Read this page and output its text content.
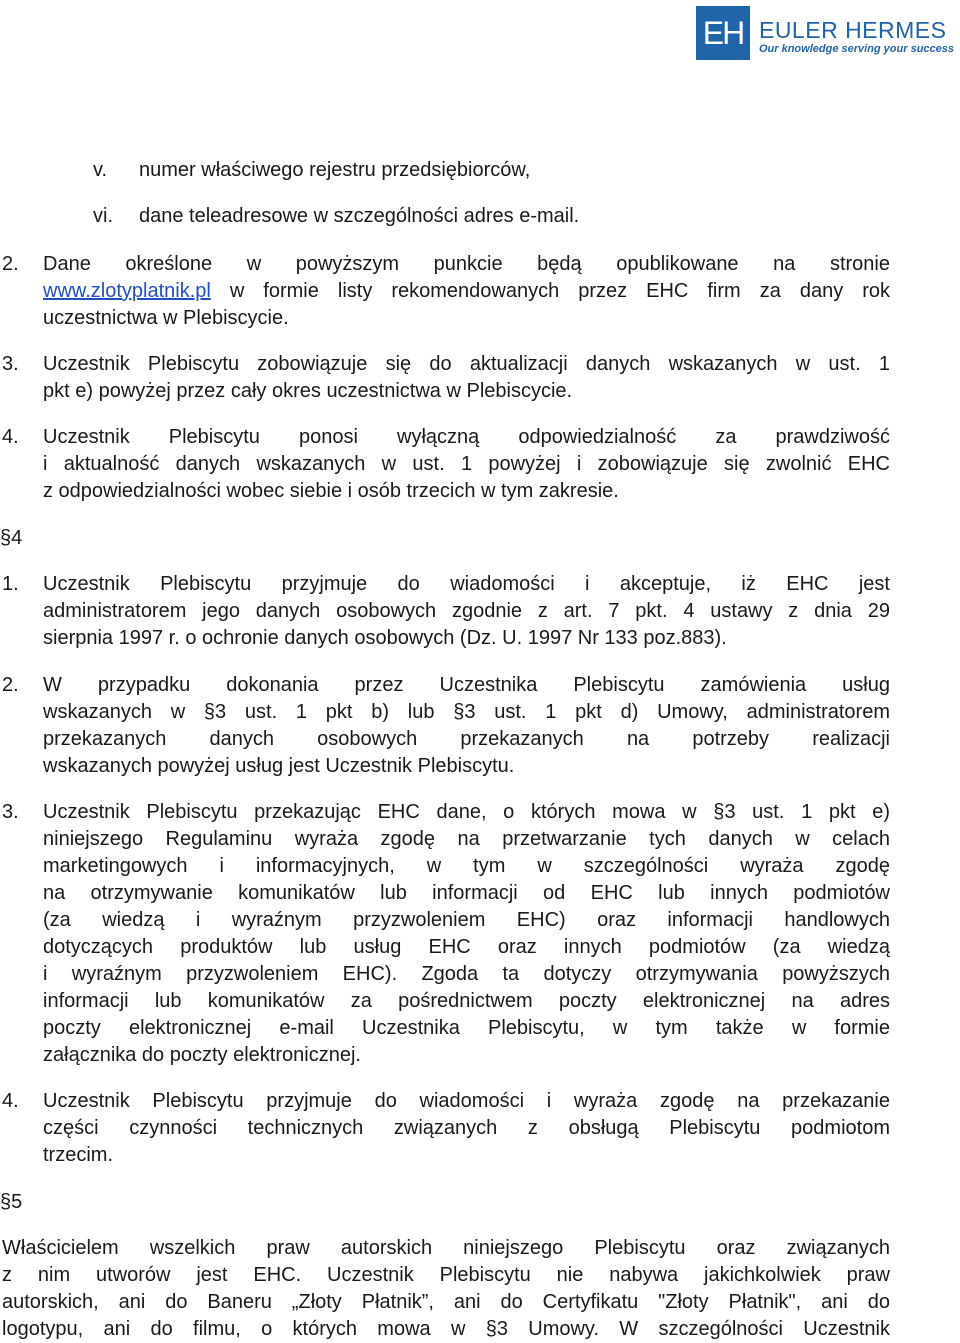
EH EULER HERMES
Our knowledge serving your success
v.	numer właściwego rejestru przedsiębiorców,
vi.	dane teleadresowe w szczególności adres e-mail.
2. Dane określone w powyższym punkcie będą opublikowane na stronie
www.zlotyplatnik.pl w formie listy rekomendowanych przez EHC firm za dany rok
uczestnictwa w Plebiscycie.
3. Uczestnik Plebiscytu zobowiązuje się do aktualizacji danych wskazanych w ust. 1
pkt e) powyżej przez cały okres uczestnictwa w Plebiscycie.
4. Uczestnik Plebiscytu ponosi wyłączną odpowiedzialność za prawdziwość
i aktualność danych wskazanych w ust. 1 powyżej i zobowiązuje się zwolnić EHC
z odpowiedzialności wobec siebie i osób trzecich w tym zakresie.
§4
1. Uczestnik Plebiscytu przyjmuje do wiadomości i akceptuje, iż EHC jest
administratorem jego danych osobowych zgodnie z art. 7 pkt. 4 ustawy z dnia 29
sierpnia 1997 r. o ochronie danych osobowych (Dz. U. 1997 Nr 133 poz.883).
2. W przypadku dokonania przez Uczestnika Plebiscytu zamówienia usług
wskazanych w §3 ust. 1 pkt b) lub §3 ust. 1 pkt d) Umowy, administratorem
przekazanych danych osobowych przekazanych na potrzeby realizacji
wskazanych powyżej usług jest Uczestnik Plebiscytu.
3. Uczestnik Plebiscytu przekazując EHC dane, o których mowa w §3 ust. 1 pkt e)
niniejszego Regulaminu wyraża zgodę na przetwarzanie tych danych w celach
marketingowych i informacyjnych, w tym w szczególności wyraża zgodę
na otrzymywanie komunikatów lub informacji od EHC lub innych podmiotów
(za wiedzą i wyraźnym przyzwoleniem EHC) oraz informacji handlowych
dotyczących produktów lub usług EHC oraz innych podmiotów (za wiedzą
i wyraźnym przyzwoleniem EHC). Zgoda ta dotyczy otrzymywania powyższych
informacji lub komunikatów za pośrednictwem poczty elektronicznej na adres
poczty elektronicznej e-mail Uczestnika Plebiscytu, w tym także w formie
załącznika do poczty elektronicznej.
4. Uczestnik Plebiscytu przyjmuje do wiadomości i wyraża zgodę na przekazanie
części czynności technicznych związanych z obsługą Plebiscytu podmiotom
trzecim.
§5
Właścicielem wszelkich praw autorskich niniejszego Plebiscytu oraz związanych
z nim utworów jest EHC. Uczestnik Plebiscytu nie nabywa jakichkolwiek praw
autorskich, ani do Baneru „Złoty Płatnik”, ani do Certyfikatu "Złoty Płatnik", ani do
logotypu, ani do filmu, o których mowa w §3 Umowy. W szczególności Uczestnik
